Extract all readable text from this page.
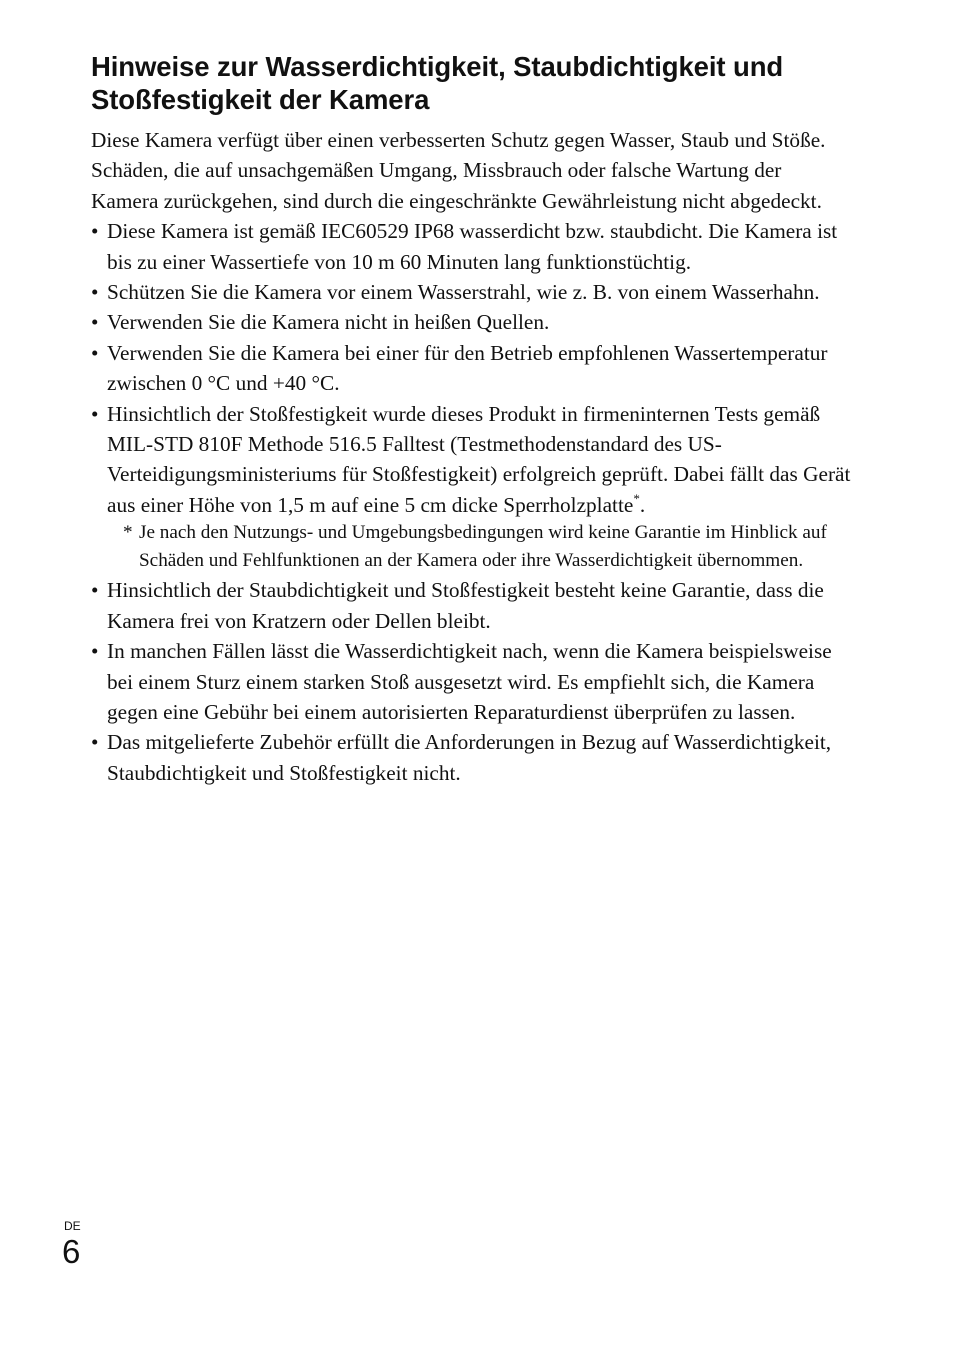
Hinweise zur Wasserdichtigkeit, Staubdichtigkeit und Stoßfestigkeit der Kamera

Diese Kamera verfügt über einen verbesserten Schutz gegen Wasser, Staub und Stöße. Schäden, die auf unsachgemäßen Umgang, Missbrauch oder falsche Wartung der Kamera zurückgehen, sind durch die eingeschränkte Gewährleistung nicht abgedeckt.

• Diese Kamera ist gemäß IEC60529 IP68 wasserdicht bzw. staubdicht. Die Kamera ist bis zu einer Wassertiefe von 10 m 60 Minuten lang funktionstüchtig.
• Schützen Sie die Kamera vor einem Wasserstrahl, wie z. B. von einem Wasserhahn.
• Verwenden Sie die Kamera nicht in heißen Quellen.
• Verwenden Sie die Kamera bei einer für den Betrieb empfohlenen Wassertemperatur zwischen 0 °C und +40 °C.
• Hinsichtlich der Stoßfestigkeit wurde dieses Produkt in firmeninternen Tests gemäß MIL-STD 810F Methode 516.5 Falltest (Testmethodenstandard des US-Verteidigungsministeriums für Stoßfestigkeit) erfolgreich geprüft. Dabei fällt das Gerät aus einer Höhe von 1,5 m auf eine 5 cm dicke Sperrholzplatte*.
* Je nach den Nutzungs- und Umgebungsbedingungen wird keine Garantie im Hinblick auf Schäden und Fehlfunktionen an der Kamera oder ihre Wasserdichtigkeit übernommen.
• Hinsichtlich der Staubdichtigkeit und Stoßfestigkeit besteht keine Garantie, dass die Kamera frei von Kratzern oder Dellen bleibt.
• In manchen Fällen lässt die Wasserdichtigkeit nach, wenn die Kamera beispielsweise bei einem Sturz einem starken Stoß ausgesetzt wird. Es empfiehlt sich, die Kamera gegen eine Gebühr bei einem autorisierten Reparaturdienst überprüfen zu lassen.
• Das mitgelieferte Zubehör erfüllt die Anforderungen in Bezug auf Wasserdichtigkeit, Staubdichtigkeit und Stoßfestigkeit nicht.
DE
6
